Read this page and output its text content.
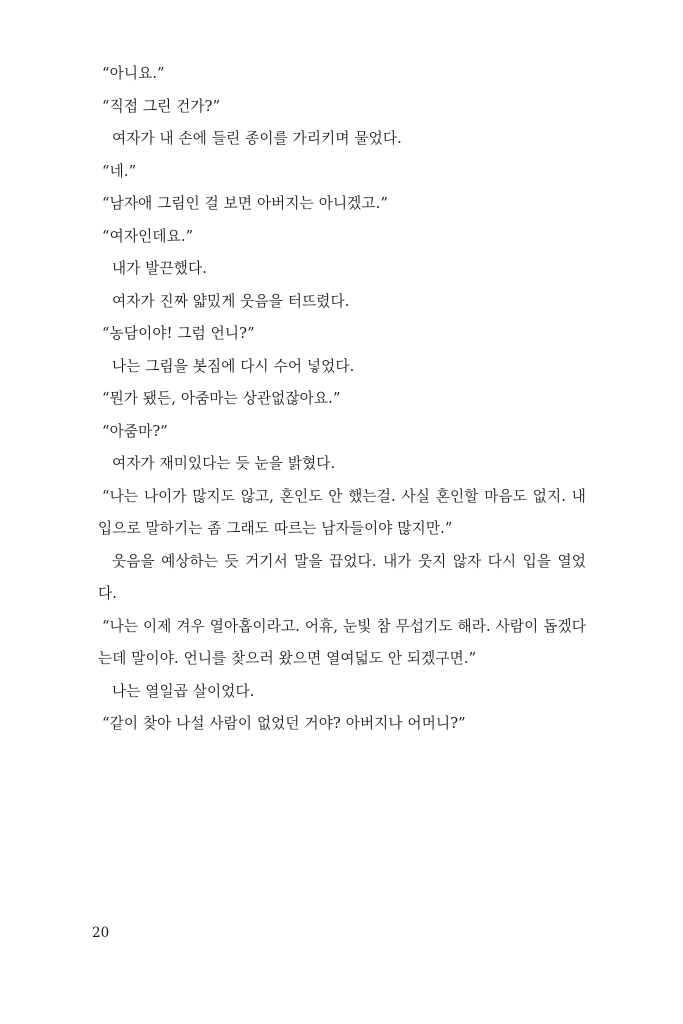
“아니요.”

“직접 그린 건가?”

여자가 내 손에 들린 종이를 가리키며 물었다.

“네.”

“남자애 그림인 걸 보면 아버지는 아니겠고.”

“여자인데요.”

내가 발끈했다.

여자가 진짜 얇밌게 웃음을 터뜨렸다.

“농담이야! 그럼 언니?”

나는 그림을 봇짐에 다시 수어 넣었다.

“뭔가 됐든, 아줌마는 상관없잖아요.”

“아줌마?”

여자가 재미있다는 듯 눈을 밝혔다.

“나는 나이가 많지도 않고, 혼인도 안 했는걸. 사실 혼인할 마음도 없지. 내 입으로 말하기는 좀 그래도 따르는 남자들이야 많지만.”

웃음을 예상하는 듯 거기서 말을 끕었다. 내가 웃지 않자 다시 입을 열었다.

“나는 이제 겨우 열아홉이라고. 어휴, 눈빛 참 무섭기도 해라. 사람이 돕겠다는데 말이야. 언니를 찾으러 왔으면 열여덟도 안 되겠구면.”

나는 열일곱 살이었다.

“같이 찾아 나설 사람이 없었던 거야? 아버지나 어머니?”

20
